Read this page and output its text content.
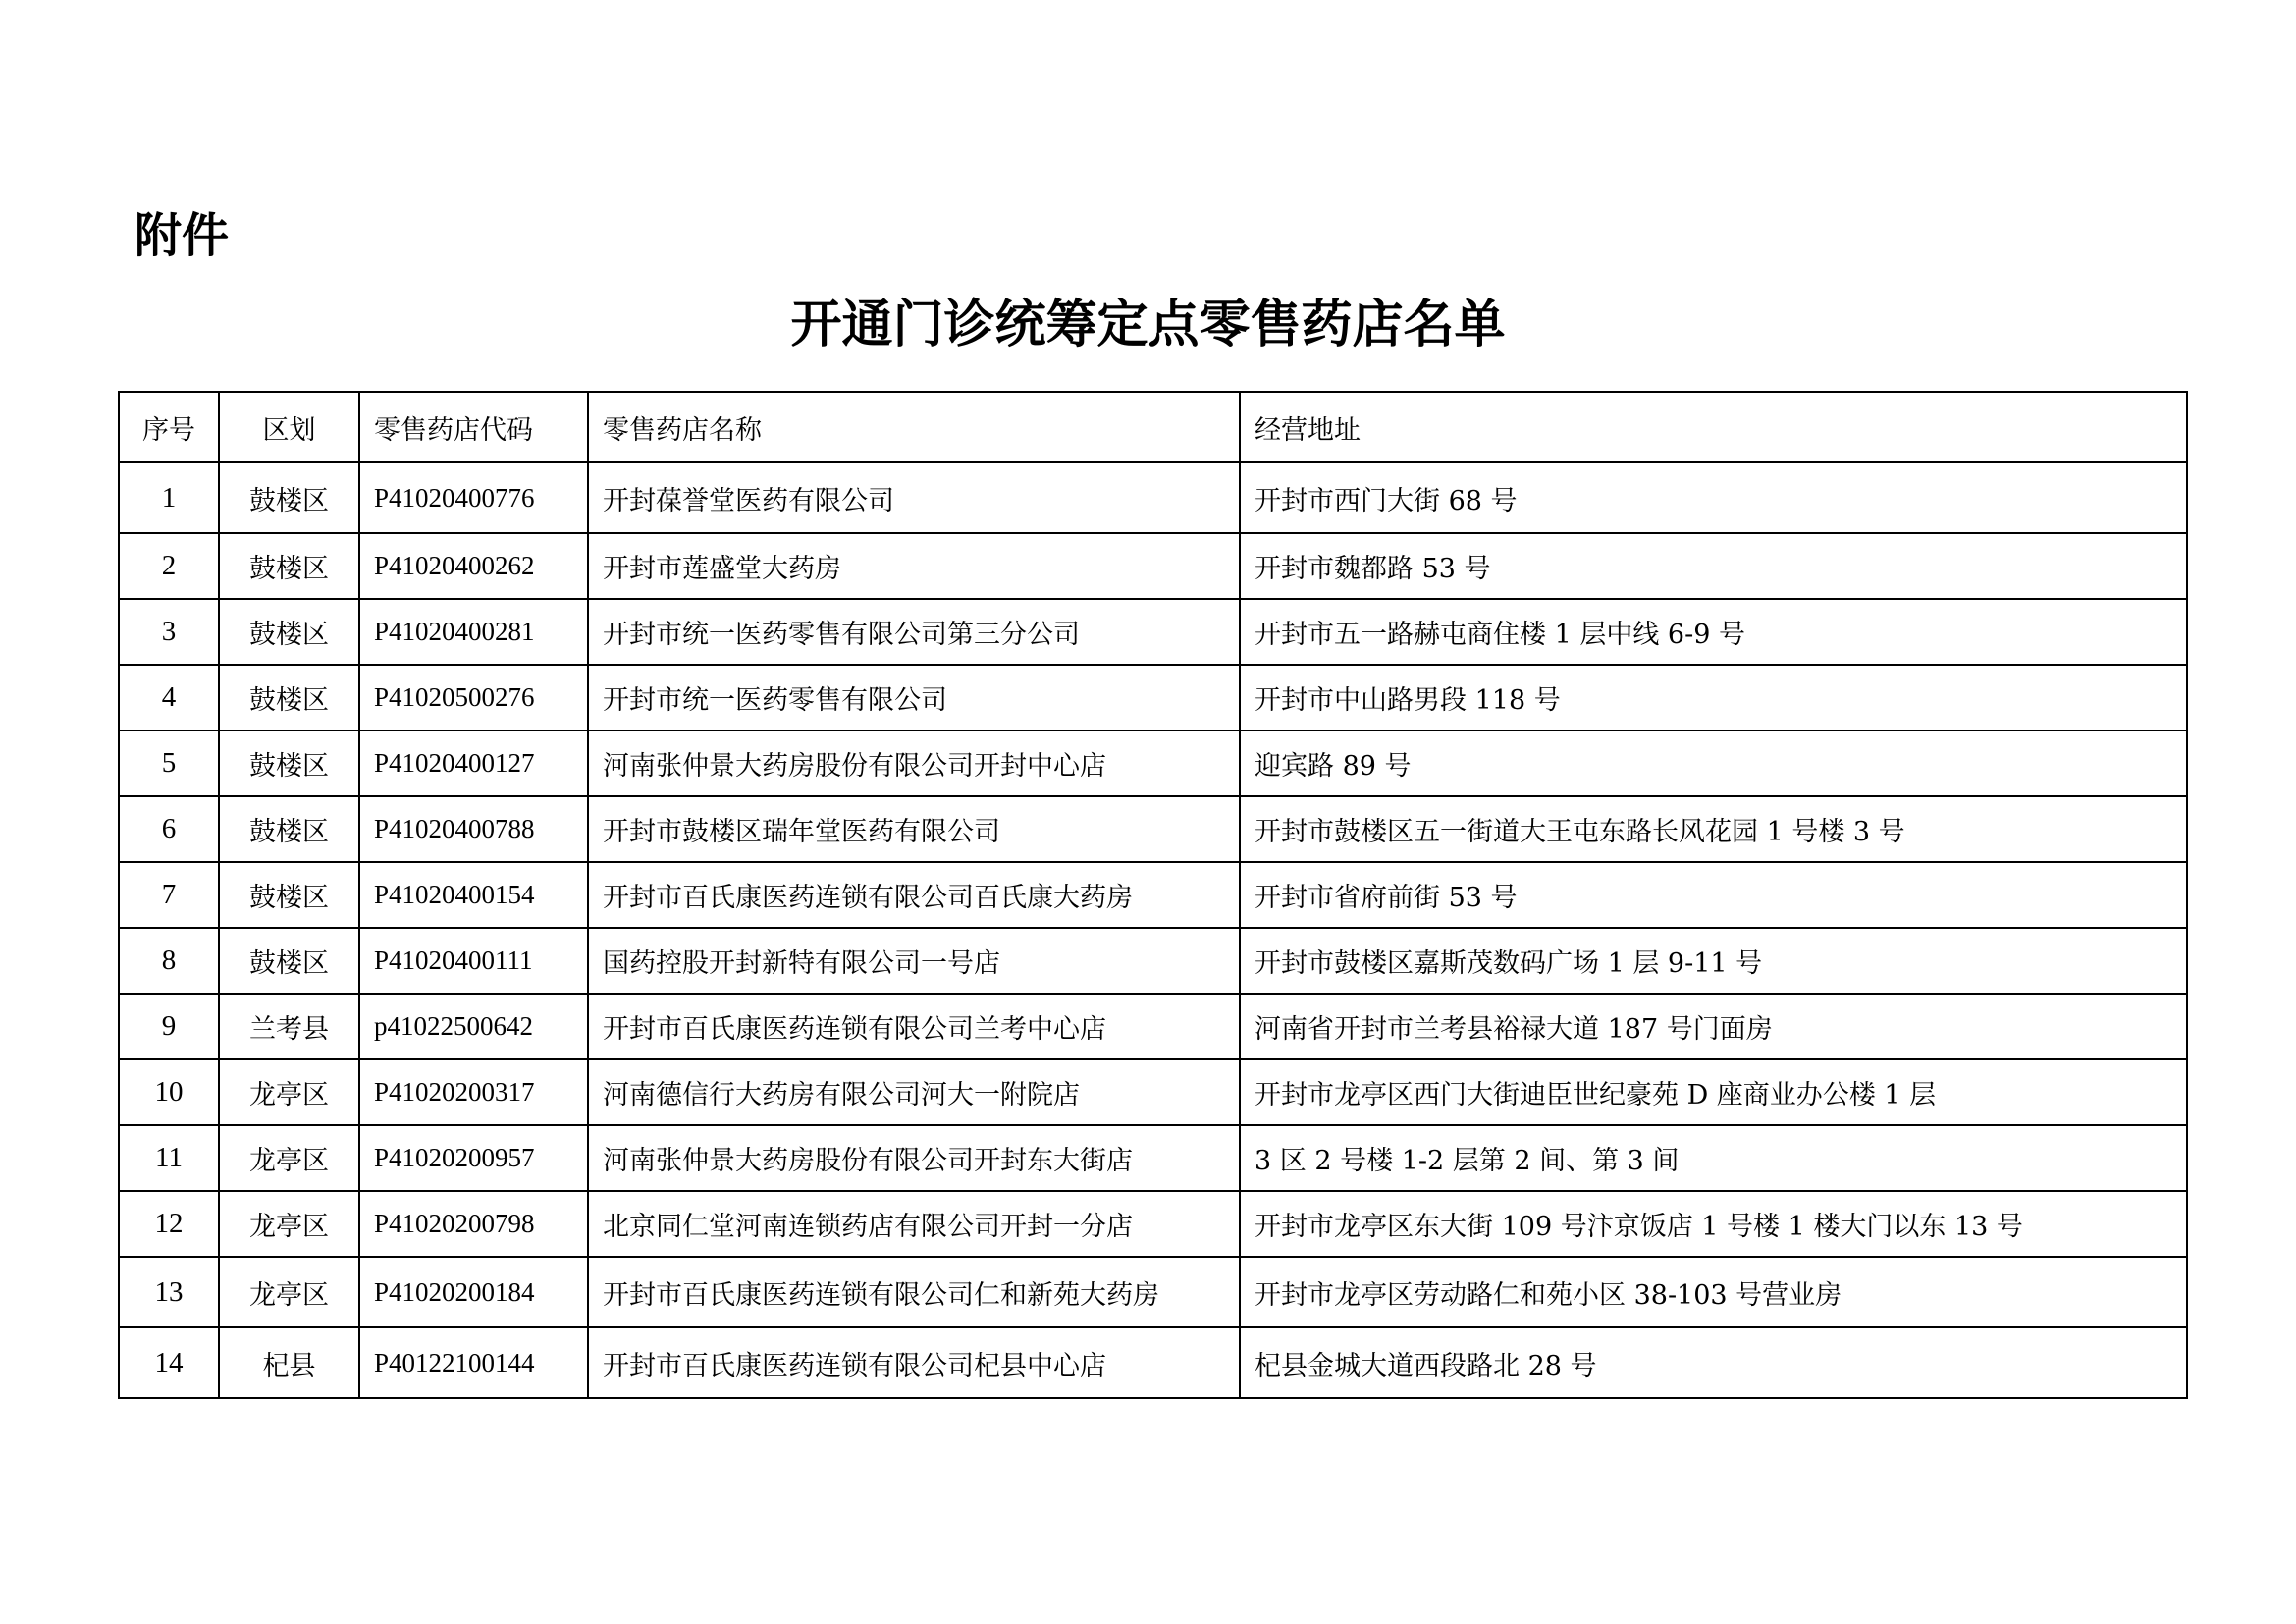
附件
开通门诊统筹定点零售药店名单
序号	区划	零售药店代码	零售药店名称	经营地址
1	鼓楼区	P41020400776	开封葆誉堂医药有限公司	开封市西门大街 68 号
2	鼓楼区	P41020400262	开封市莲盛堂大药房	开封市魏都路 53 号
3	鼓楼区	P41020400281	开封市统一医药零售有限公司第三分公司	开封市五一路赫屯商住楼 1 层中线 6-9 号
4	鼓楼区	P41020500276	开封市统一医药零售有限公司	开封市中山路男段 118 号
5	鼓楼区	P41020400127	河南张仲景大药房股份有限公司开封中心店	迎宾路 89 号
6	鼓楼区	P41020400788	开封市鼓楼区瑞年堂医药有限公司	开封市鼓楼区五一街道大王屯东路长风花园 1 号楼 3 号
7	鼓楼区	P41020400154	开封市百氏康医药连锁有限公司百氏康大药房	开封市省府前街 53 号
8	鼓楼区	P41020400111	国药控股开封新特有限公司一号店	开封市鼓楼区嘉斯茂数码广场 1 层 9-11 号
9	兰考县	p41022500642	开封市百氏康医药连锁有限公司兰考中心店	河南省开封市兰考县裕禄大道 187 号门面房
10	龙亭区	P41020200317	河南德信行大药房有限公司河大一附院店	开封市龙亭区西门大街迪臣世纪豪苑 D 座商业办公楼 1 层
11	龙亭区	P41020200957	河南张仲景大药房股份有限公司开封东大街店	3 区 2 号楼 1-2 层第 2 间、第 3 间
12	龙亭区	P41020200798	北京同仁堂河南连锁药店有限公司开封一分店	开封市龙亭区东大街 109 号汴京饭店 1 号楼 1 楼大门以东 13 号
13	龙亭区	P41020200184	开封市百氏康医药连锁有限公司仁和新苑大药房	开封市龙亭区劳动路仁和苑小区 38-103 号营业房
14	杞县	P40122100144	开封市百氏康医药连锁有限公司杞县中心店	杞县金城大道西段路北 28 号
